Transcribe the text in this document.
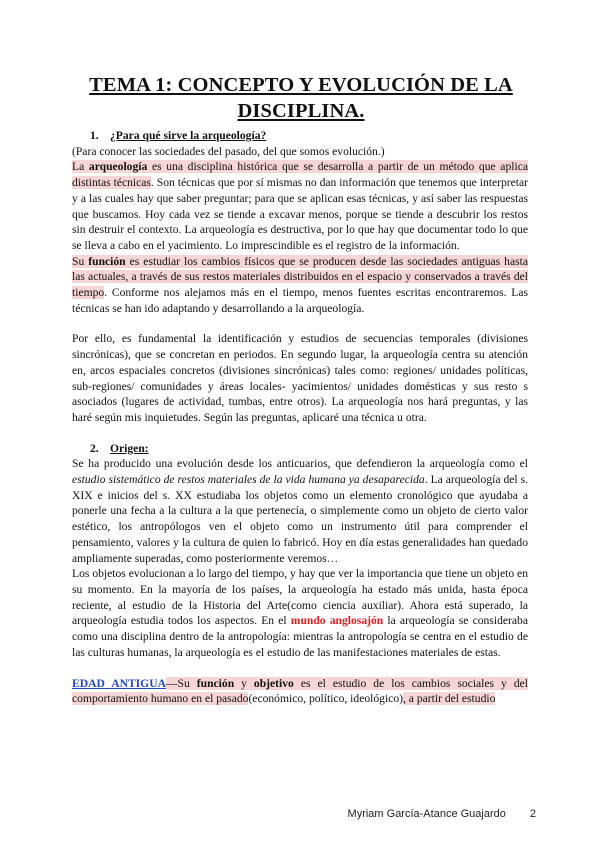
TEMA 1: CONCEPTO Y EVOLUCIÓN DE LA DISCIPLINA.

1. ¿Para qué sirve la arqueología?

(Para conocer las sociedades del pasado, del que somos evolución.)

La arqueología es una disciplina histórica que se desarrolla a partir de un método que aplica distintas técnicas. Son técnicas que por sí mismas no dan información que tenemos que interpretar y a las cuales hay que saber preguntar; para que se aplican esas técnicas, y así saber las respuestas que buscamos. Hoy cada vez se tiende a excavar menos, porque se tiende a descubrir los restos sin destruir el contexto. La arqueología es destructiva, por lo que hay que documentar todo lo que se lleva a cabo en el yacimiento. Lo imprescindible es el registro de la información.

Su función es estudiar los cambios físicos que se producen desde las sociedades antiguas hasta las actuales, a través de sus restos materiales distribuidos en el espacio y conservados a través del tiempo. Conforme nos alejamos más en el tiempo, menos fuentes escritas encontraremos. Las técnicas se han ido adaptando y desarrollando a la arqueología.

Por ello, es fundamental la identificación y estudios de secuencias temporales (divisiones sincrónicas), que se concretan en periodos. En segundo lugar, la arqueología centra su atención en, arcos espaciales concretos (divisiones sincrónicas) tales como: regiones/ unidades políticas, sub-regiones/ comunidades y áreas locales- yacimientos/ unidades domésticas y sus resto s asociados (lugares de actividad, tumbas, entre otros). La arqueología nos hará preguntas, y las haré según mis inquietudes. Según las preguntas, aplicaré una técnica u otra.

2. Origen:

Se ha producido una evolución desde los anticuarios, que defendieron la arqueología como el estudio sistemático de restos materiales de la vida humana ya desaparecida. La arqueología del s. XIX e inicios del s. XX estudiaba los objetos como un elemento cronológico que ayudaba a ponerle una fecha a la cultura a la que pertenecía, o simplemente como un objeto de cierto valor estético, los antropólogos ven el objeto como un instrumento útil para comprender el pensamiento, valores y la cultura de quien lo fabricó. Hoy en día estas generalidades han quedado ampliamente superadas, como posteriormente veremos…

Los objetos evolucionan a lo largo del tiempo, y hay que ver la importancia que tiene un objeto en su momento. En la mayoría de los países, la arqueología ha estado más unida, hasta época reciente, al estudio de la Historia del Arte(como ciencia auxiliar). Ahora está superado, la arqueología estudia todos los aspectos. En el mundo anglosajón la arqueología se consideraba como una disciplina dentro de la antropología: mientras la antropología se centra en el estudio de las culturas humanas, la arqueología es el estudio de las manifestaciones materiales de estas.

EDAD ANTIGUA—Su función y objetivo es el estudio de los cambios sociales y del comportamiento humano en el pasado(económico, político, ideológico), a partir del estudio

Myriam García-Atance Guajardo 2
